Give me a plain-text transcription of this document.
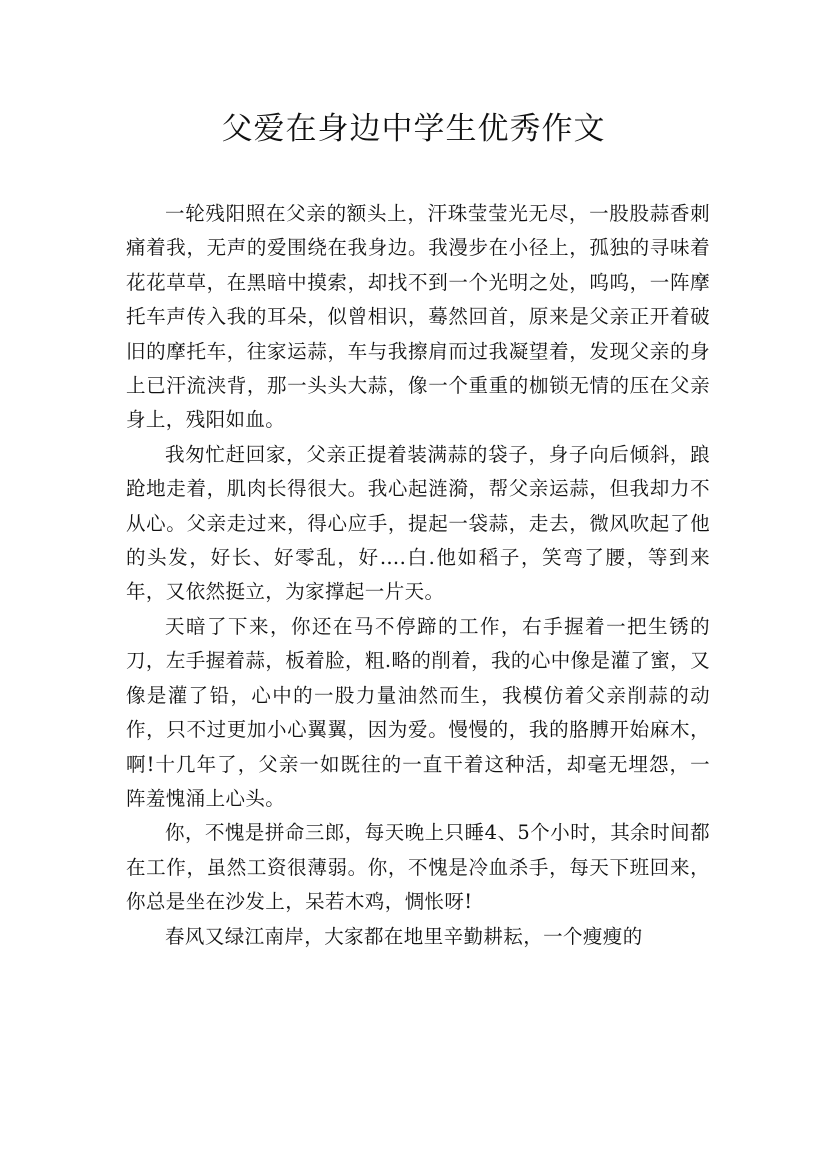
父爱在身边中学生优秀作文

一轮残阳照在父亲的额头上，汗珠莹莹光无尽，一股股蒜香刺痛着我，无声的爱围绕在我身边。我漫步在小径上，孤独的寻味着花花草草，在黑暗中摸索，却找不到一个光明之处，呜呜，一阵摩托车声传入我的耳朵，似曾相识，蓦然回首，原来是父亲正开着破旧的摩托车，往家运蒜，车与我擦肩而过我凝望着，发现父亲的身上已汗流浃背，那一头头大蒜，像一个重重的枷锁无情的压在父亲身上，残阳如血。

我匆忙赶回家，父亲正提着装满蒜的袋子，身子向后倾斜，踉跄地走着，肌肉长得很大。我心起涟漪，帮父亲运蒜，但我却力不从心。父亲走过来，得心应手，提起一袋蒜，走去，微风吹起了他的头发，好长、好零乱，好….白.他如稻子，笑弯了腰，等到来年，又依然挺立，为家撑起一片天。

天暗了下来，你还在马不停蹄的工作，右手握着一把生锈的刀，左手握着蒜，板着脸，粗.略的削着，我的心中像是灌了蜜，又像是灌了铅，心中的一股力量油然而生，我模仿着父亲削蒜的动作，只不过更加小心翼翼，因为爱。慢慢的，我的胳膊开始麻木，啊!十几年了，父亲一如既往的一直干着这种活，却毫无埋怨，一阵羞愧涌上心头。

你，不愧是拼命三郎，每天晚上只睡4、5个小时，其余时间都在工作，虽然工资很薄弱。你，不愧是冷血杀手，每天下班回来，你总是坐在沙发上，呆若木鸡，惆怅呀!

春风又绿江南岸，大家都在地里辛勤耕耘，一个瘦瘦的
